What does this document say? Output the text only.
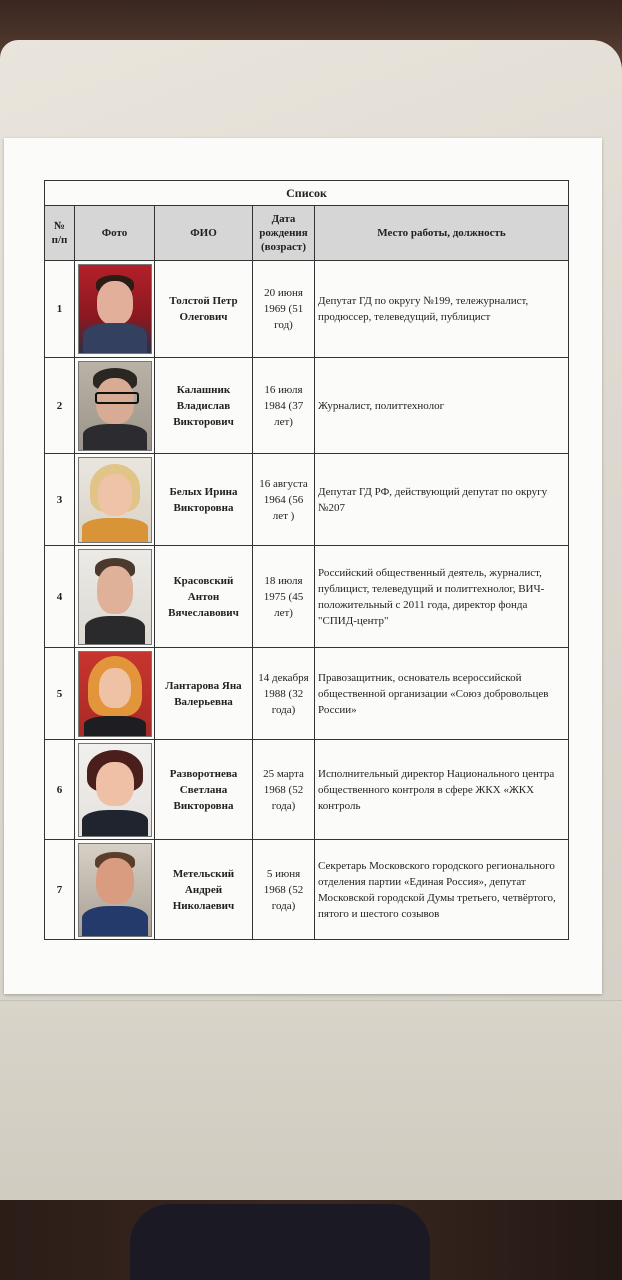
Список				
№ п/п	Фото	ФИО	Дата рождения (возраст)	Место работы, должность
1		Толстой Петр Олегович	20 июня 1969 (51 год)	Депутат ГД по округу №199, тележурналист, продюссер, телеведущий, публицист
2		Калашник Владислав Викторович	16 июля 1984 (37 лет)	Журналист, политтехнолог
3		Белых Ирина Викторовна	16 августа 1964 (56 лет )	Депутат ГД РФ, действующий депутат по округу №207
4		Красовский Антон Вячеславович	18 июля 1975 (45 лет)	Российский общественный деятель, журналист, публицист, телеведущий и политтехнолог, ВИЧ-положительный с 2011 года, директор фонда "СПИД-центр"
5		Лантарова Яна Валерьевна	14 декабря 1988 (32 года)	Правозащитник, основатель всероссийской общественной организации «Союз добровольцев России»
6		Разворотнева Светлана Викторовна	25 марта 1968 (52 года)	Исполнительный директор Национального центра общественного контроля в сфере ЖКХ «ЖКХ контроль
7		Метельский Андрей Николаевич	5 июня 1968 (52 года)	Секретарь Московского городского регионального отделения партии «Единая Россия», депутат Московской городской Думы третьего, четвёртого, пятого и шестого созывов
